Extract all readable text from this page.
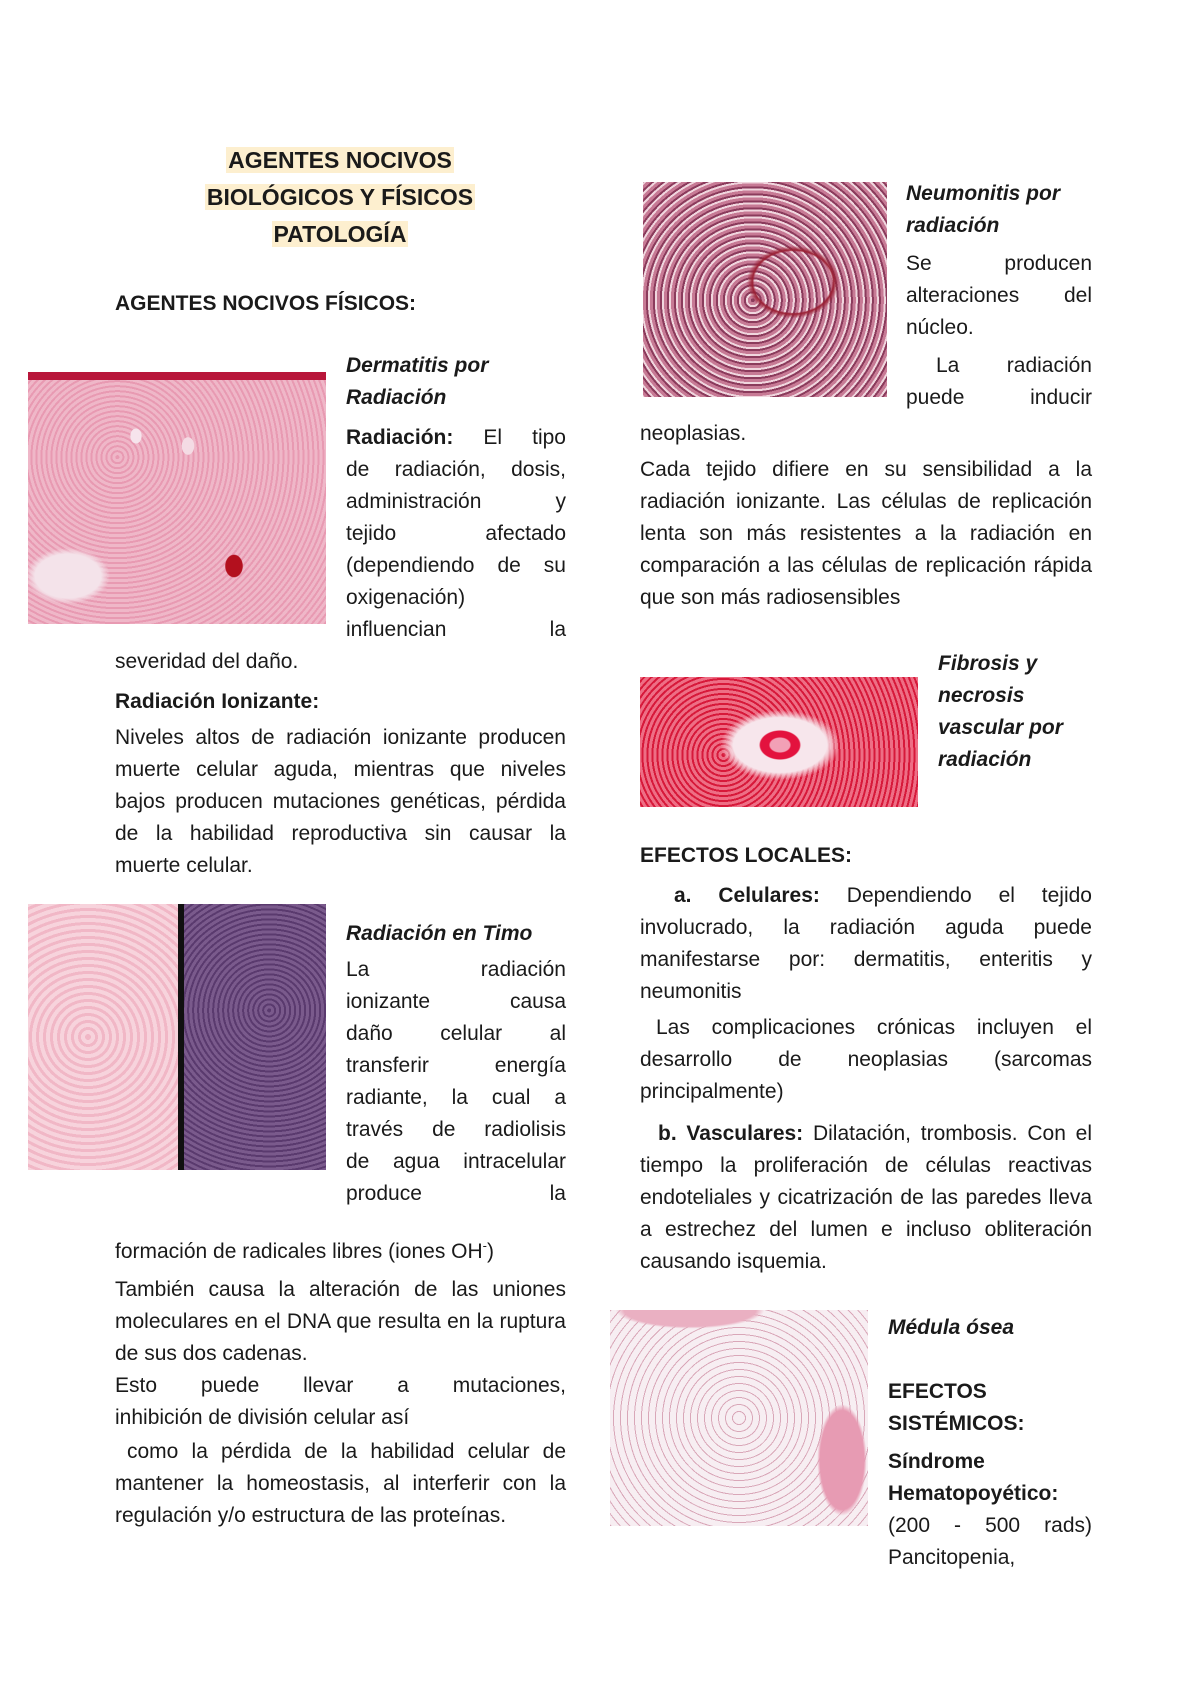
AGENTES NOCIVOS
BIOLÓGICOS Y FÍSICOS
PATOLOGÍA
AGENTES NOCIVOS FÍSICOS:
Dermatitis por
Radiación
Radiación: El tipo
de radiación, dosis,
administración y
tejido afectado
(dependiendo de su
oxigenación)
influencian la
severidad del daño.
Radiación Ionizante:

Niveles altos de radiación ionizante producen muerte celular aguda, mientras que niveles bajos producen mutaciones genéticas, pérdida de la habilidad reproductiva sin causar la muerte celular.

Radiación en Timo
La radiación
ionizante causa
daño celular al
transferir energía
radiante, la cual a
través de radiolisis
de agua intracelular
produce la
formación de radicales libres (iones OH-)

También causa la alteración de las uniones moleculares en el DNA que resulta en la ruptura de sus dos cadenas.

Esto puede llevar a mutaciones,
inhibición de división celular así

como la pérdida de la habilidad celular de mantener la homeostasis, al interferir con la regulación y/o estructura de las proteínas.

Neumonitis por
radiación
Se producen
alteraciones del
núcleo.
La radiación
puede inducir
neoplasias.

Cada tejido difiere en su sensibilidad a la radiación ionizante. Las células de replicación lenta son más resistentes a la radiación en comparación a las células de replicación rápida que son más radiosensibles

Fibrosis y
necrosis
vascular por
radiación
EFECTOS LOCALES:

a. Celulares: Dependiendo el tejido involucrado, la radiación aguda puede manifestarse por: dermatitis, enteritis y neumonitis

Las complicaciones crónicas incluyen el desarrollo de neoplasias (sarcomas principalmente)

b. Vasculares: Dilatación, trombosis. Con el tiempo la proliferación de células reactivas endoteliales y cicatrización de las paredes lleva a estrechez del lumen e incluso obliteración causando isquemia.

Médula ósea
EFECTOS
SISTÉMICOS:
Síndrome
Hematopoyético:
(200 - 500 rads)
Pancitopenia,
